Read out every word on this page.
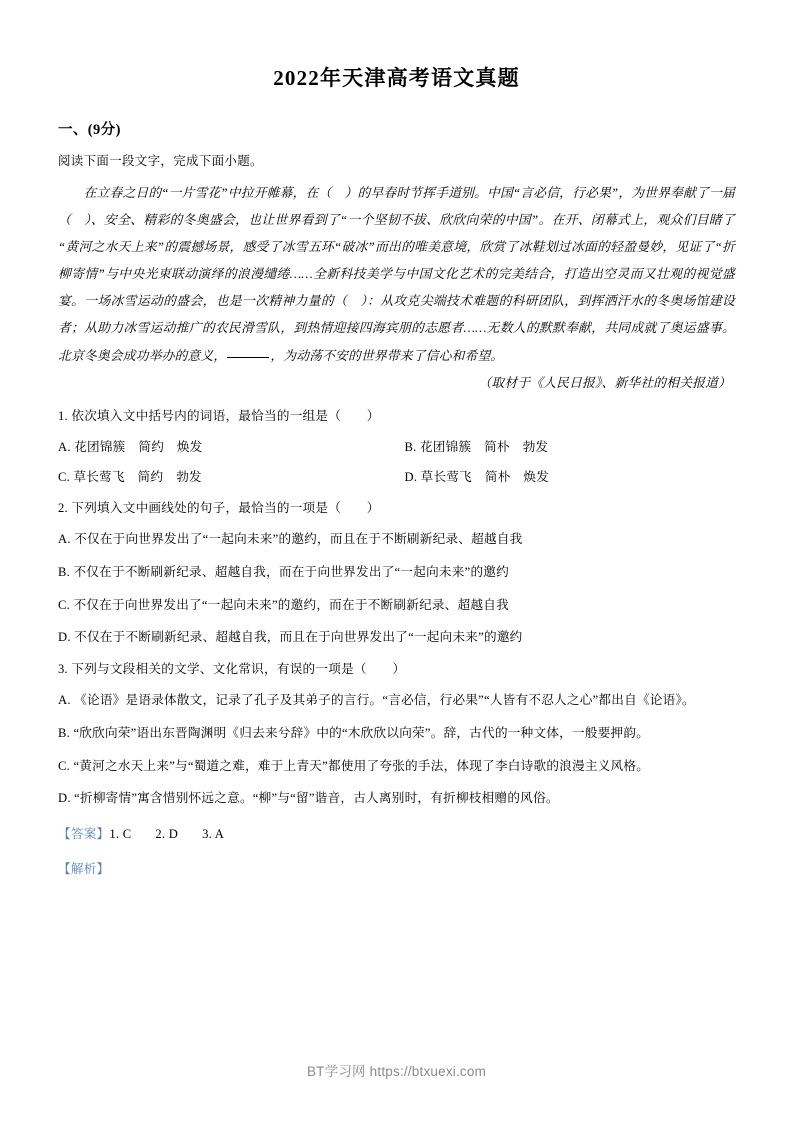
2022年天津高考语文真题
一、(9分)
阅读下面一段文字，完成下面小题。
在立春之日的“一片雪花”中拉开帷幕，在（　）的早春时节挥手道别。中国“言必信，行必果”，为世界奉献了一届（　）、安全、精彩的冬奥盛会，也让世界看到了“一个坚韧不拔、欣欣向荣的中国”。在开、闭幕式上，观众们目睹了“黄河之水天上来”的震撼场景，感受了冰雪五环“破冰”而出的唯美意境，欣赏了冰鞋划过冰面的轻盈曼妙，见证了“折柳寄情”与中央光束联动演绎的浪漫缱绻……全新科技美学与中国文化艺术的完美结合，打造出空灵而又壮观的视觉盛宴。一场冰雪运动的盛会，也是一次精神力量的（　）：从攻克尖端技术难题的科研团队，到挥洒汗水的冬奥场馆建设者；从助力冰雪运动推广的农民滑雪队，到热情迎接四海宾朋的志愿者……无数人的默默奉献，共同成就了奥运盛事。北京冬奥会成功举办的意义，	，为动荡不安的世界带来了信心和希望。
（取材于《人民日报》、新华社的相关报道）
1. 依次填入文中括号内的词语，最恰当的一组是（　　）
A. 花团锦簇　简约　焕发	B. 花团锦簇　简朴　勃发
C. 草长莺飞　简约　勃发	D. 草长莺飞　简朴　焕发
2. 下列填入文中画线处的句子，最恰当的一项是（　　）
A. 不仅在于向世界发出了“一起向未来”的邀约，而且在于不断刷新纪录、超越自我
B. 不仅在于不断刷新纪录、超越自我，而在于向世界发出了“一起向未来”的邀约
C. 不仅在于向世界发出了“一起向未来”的邀约，而在于不断刷新纪录、超越自我
D. 不仅在于不断刷新纪录、超越自我，而且在于向世界发出了“一起向未来”的邀约
3. 下列与文段相关的文学、文化常识，有误的一项是（　　）
A. 《论语》是语录体散文，记录了孔子及其弟子的言行。“言必信，行必果”“人皆有不忍人之心”都出自《论语》。
B. “欣欣向荣”语出东晋陶渊明《归去来兮辞》中的“木欣欣以向荣”。辞，古代的一种文体，一般要押韵。
C. “黄河之水天上来”与“蜀道之难，难于上青天”都使用了夸张的手法，体现了李白诗歌的浪漫主义风格。
D. “折柳寄情”寓含惜别怀远之意。“柳”与“留”谐音，古人离别时，有折柳枝相赠的风俗。
【答案】1. C 2. D 3. A
【解析】
BT学习网 https://btxuexi.com
